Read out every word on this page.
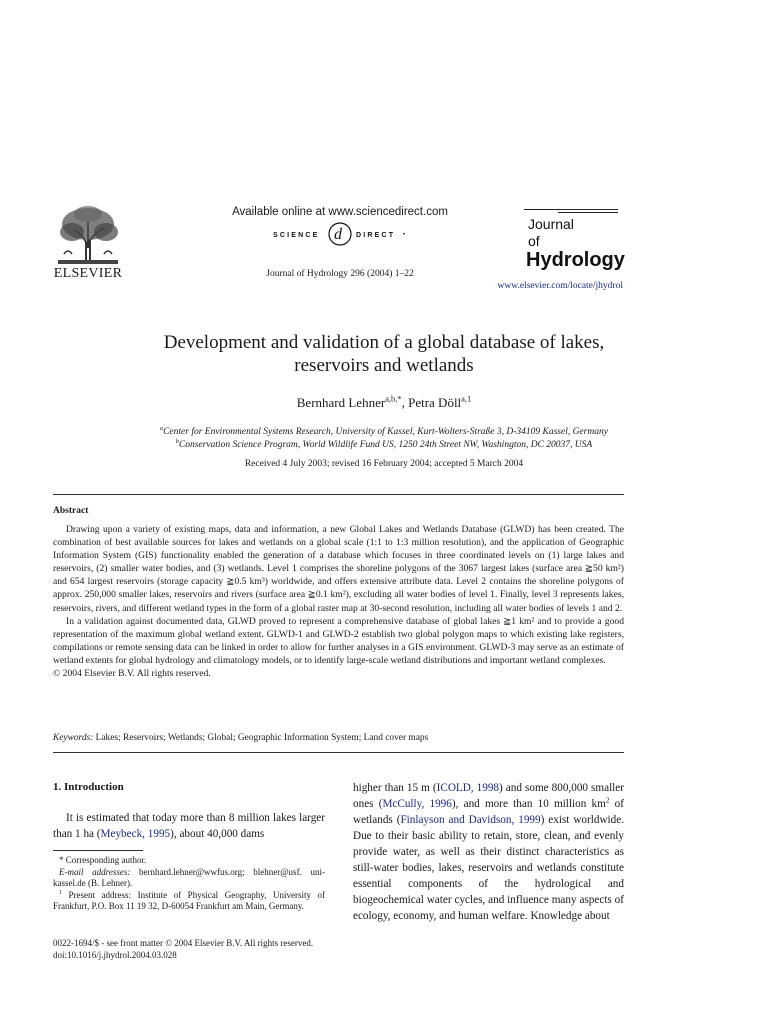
ELSEVIER
Available online at www.sciencedirect.com
SCIENCE d DIRECT •
Journal of Hydrology 296 (2004) 1–22
Journal
of
Hydrology
www.elsevier.com/locate/jhydrol
Development and validation of a global database of lakes,
reservoirs and wetlands
Bernhard Lehner$^{a,b,*}$, Petra Döll$^{a,1}$
$^a$Center for Environmental Systems Research, University of Kassel, Kurt-Wolters-Straße 3, D-34109 Kassel, Germany
$^b$Conservation Science Program, World Wildlife Fund US, 1250 24th Street NW, Washington, DC 20037, USA
Received 4 July 2003; revised 16 February 2004; accepted 5 March 2004
Abstract

Drawing upon a variety of existing maps, data and information, a new Global Lakes and Wetlands Database (GLWD) has been created. The combination of best available sources for lakes and wetlands on a global scale (1:1 to 1:3 million resolution), and the application of Geographic Information System (GIS) functionality enabled the generation of a database which focuses in three coordinated levels on (1) large lakes and reservoirs, (2) smaller water bodies, and (3) wetlands. Level 1 comprises the shoreline polygons of the 3067 largest lakes (surface area ≧50 km²) and 654 largest reservoirs (storage capacity ≧0.5 km³) worldwide, and offers extensive attribute data. Level 2 contains the shoreline polygons of approx. 250,000 smaller lakes, reservoirs and rivers (surface area ≧0.1 km²), excluding all water bodies of level 1. Finally, level 3 represents lakes, reservoirs, rivers, and different wetland types in the form of a global raster map at 30-second resolution, including all water bodies of levels 1 and 2.

In a validation against documented data, GLWD proved to represent a comprehensive database of global lakes ≧1 km² and to provide a good representation of the maximum global wetland extent. GLWD-1 and GLWD-2 establish two global polygon maps to which existing lake registers, compilations or remote sensing data can be linked in order to allow for further analyses in a GIS environment. GLWD-3 may serve as an estimate of wetland extents for global hydrology and climatology models, or to identify large-scale wetland distributions and important wetland complexes.

© 2004 Elsevier B.V. All rights reserved.

Keywords: Lakes; Reservoirs; Wetlands; Global; Geographic Information System; Land cover maps
1. Introduction
It is estimated that today more than 8 million lakes larger than 1 ha (Meybeck, 1995), about 40,000 dams
* Corresponding author.
E-mail addresses: bernhard.lehner@wwfus.org; blehner@usf. uni-kassel.de (B. Lehner).
$^1$ Present address: Institute of Physical Geography, University of Frankfurt, P.O. Box 11 19 32, D-60054 Frankfurt am Main, Germany.
0022-1694/$ - see front matter © 2004 Elsevier B.V. All rights reserved.
doi:10.1016/j.jhydrol.2004.03.028
higher than 15 m (ICOLD, 1998) and some 800,000 smaller ones (McCully, 1996), and more than 10 million $km^2$ of wetlands (Finlayson and Davidson, 1999) exist worldwide. Due to their basic ability to retain, store, clean, and evenly provide water, as well as their distinct characteristics as still-water bodies, lakes, reservoirs and wetlands constitute essential components of the hydrological and biogeochemical water cycles, and influence many aspects of ecology, economy, and human welfare. Knowledge about
